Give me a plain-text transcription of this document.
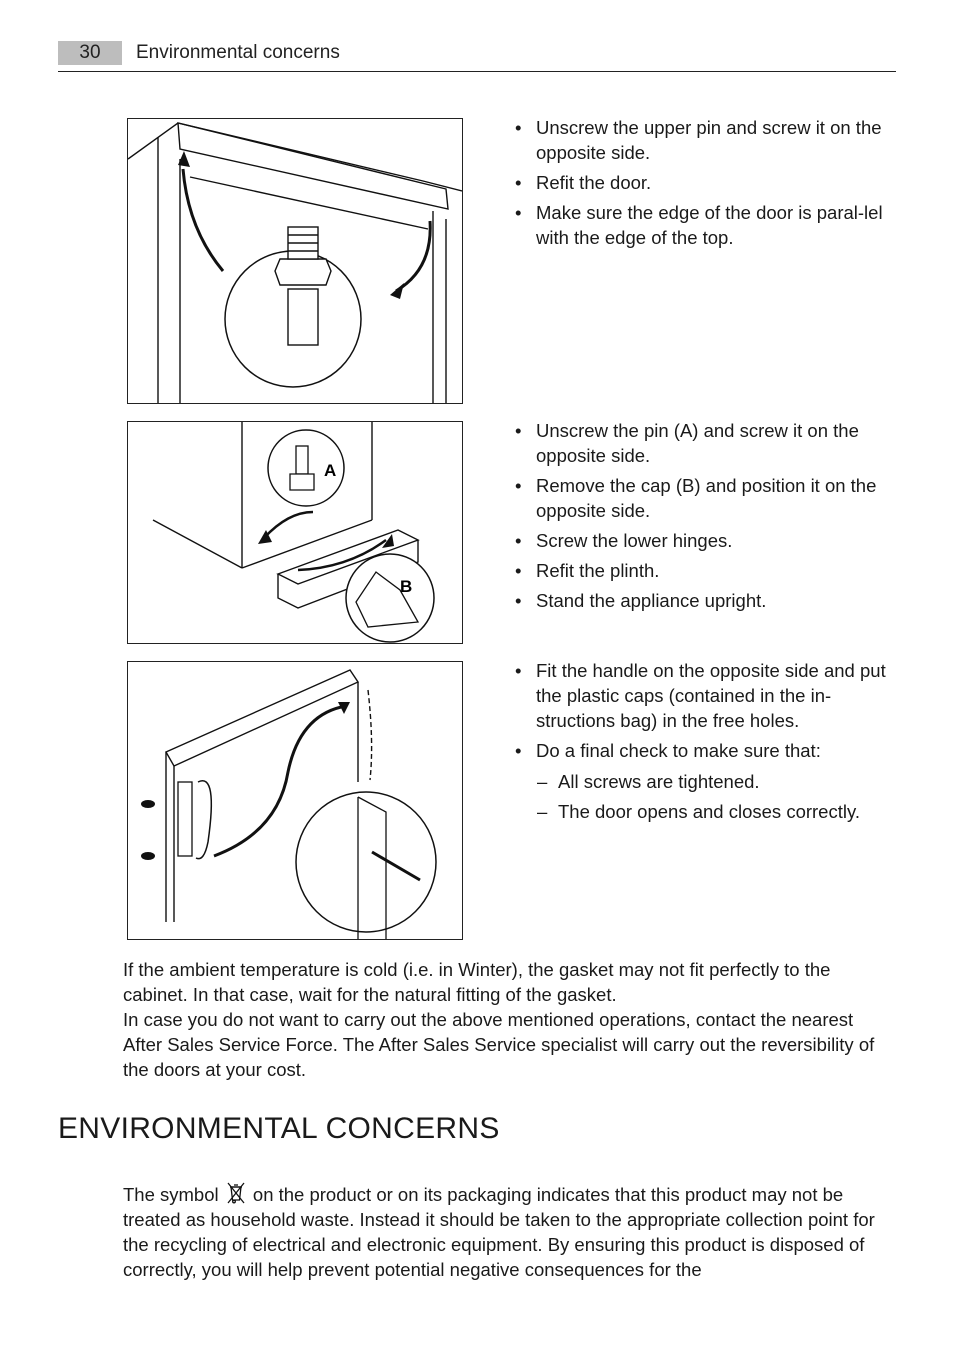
30	Environmental concerns
A
B
• Unscrew the upper pin and screw it on the opposite side.
• Refit the door.
• Make sure the edge of the door is paral-lel with the edge of the top.
• Unscrew the pin (A) and screw it on the opposite side.
• Remove the cap (B) and position it on the opposite side.
• Screw the lower hinges.
• Refit the plinth.
• Stand the appliance upright.
• Fit the handle on the opposite side and put the plastic caps (contained in the in-structions bag) in the free holes.
• Do a final check to make sure that:
– All screws are tightened.
– The door opens and closes correctly.

If the ambient temperature is cold (i.e. in Winter), the gasket may not fit perfectly to the cabinet. In that case, wait for the natural fitting of the gasket.

In case you do not want to carry out the above mentioned operations, contact the nearest After Sales Service Force. The After Sales Service specialist will carry out the reversibility of the doors at your cost.

ENVIRONMENTAL CONCERNS

The symbol on the product or on its packaging indicates that this product may not be treated as household waste. Instead it should be taken to the appropriate collection point for the recycling of electrical and electronic equipment. By ensuring this product is disposed of correctly, you will help prevent potential negative consequences for the
